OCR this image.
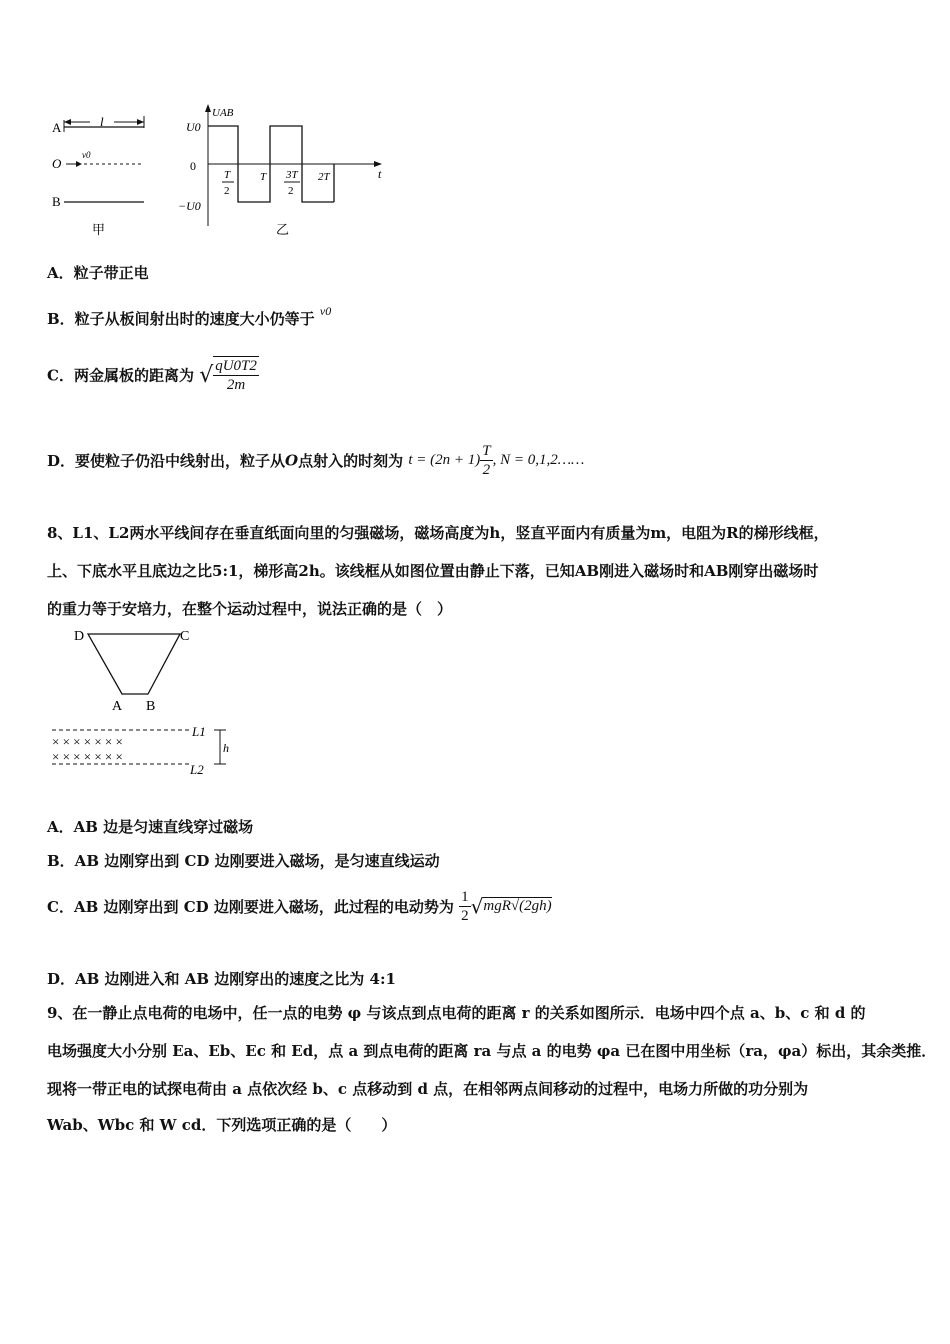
A	l
O
v0
B
甲
UAB
t
U0
0
−U0
T
2
T 3T
2
2T
乙
A．粒子带正电
B．粒子从板间射出时的速度大小仍等于 $^{v0}$
C．两金属板的距离为 √ $\frac{qU0T2}{2m}$
D．要使粒子仍沿中线射出，粒子从O点射入的时刻为 $t = (2n + 1) \frac{T}{2}$ , N = 0,1,2……
8、L1、L2两水平线间存在垂直纸面向里的匀强磁场，磁场高度为h，竖直平面内有质量为m，电阻为R的梯形线框，
上、下底水平且底边之比5:1，梯形高2h。该线框从如图位置由静止下落，已知AB刚进入磁场时和AB刚穿出磁场时
的重力等于安培力，在整个运动过程中，说法正确的是（　）
D	C
A B
× × × × × × ×
× × × × × × ×
L1
L2
h
A．AB 边是匀速直线穿过磁场
B．AB 边刚穿出到 CD 边刚要进入磁场，是匀速直线运动
C．AB 边刚穿出到 CD 边刚要进入磁场，此过程的电动势为 $\frac{1}{2} √mgR√(2gh)$
D．AB 边刚进入和 AB 边刚穿出的速度之比为 4:1
9、在一静止点电荷的电场中，任一点的电势 φ 与该点到点电荷的距离 r 的关系如图所示．电场中四个点 a、b、c 和 d 的
电场强度大小分别 Ea、Eb、Ec 和 Ed，点 a 到点电荷的距离 ra 与点 a 的电势 φa 已在图中用坐标（ra，φa）标出，其余类推．
现将一带正电的试探电荷由 a 点依次经 b、c 点移动到 d 点，在相邻两点间移动的过程中，电场力所做的功分别为
Wab、Wbc 和 W cd．下列选项正确的是（　　）
